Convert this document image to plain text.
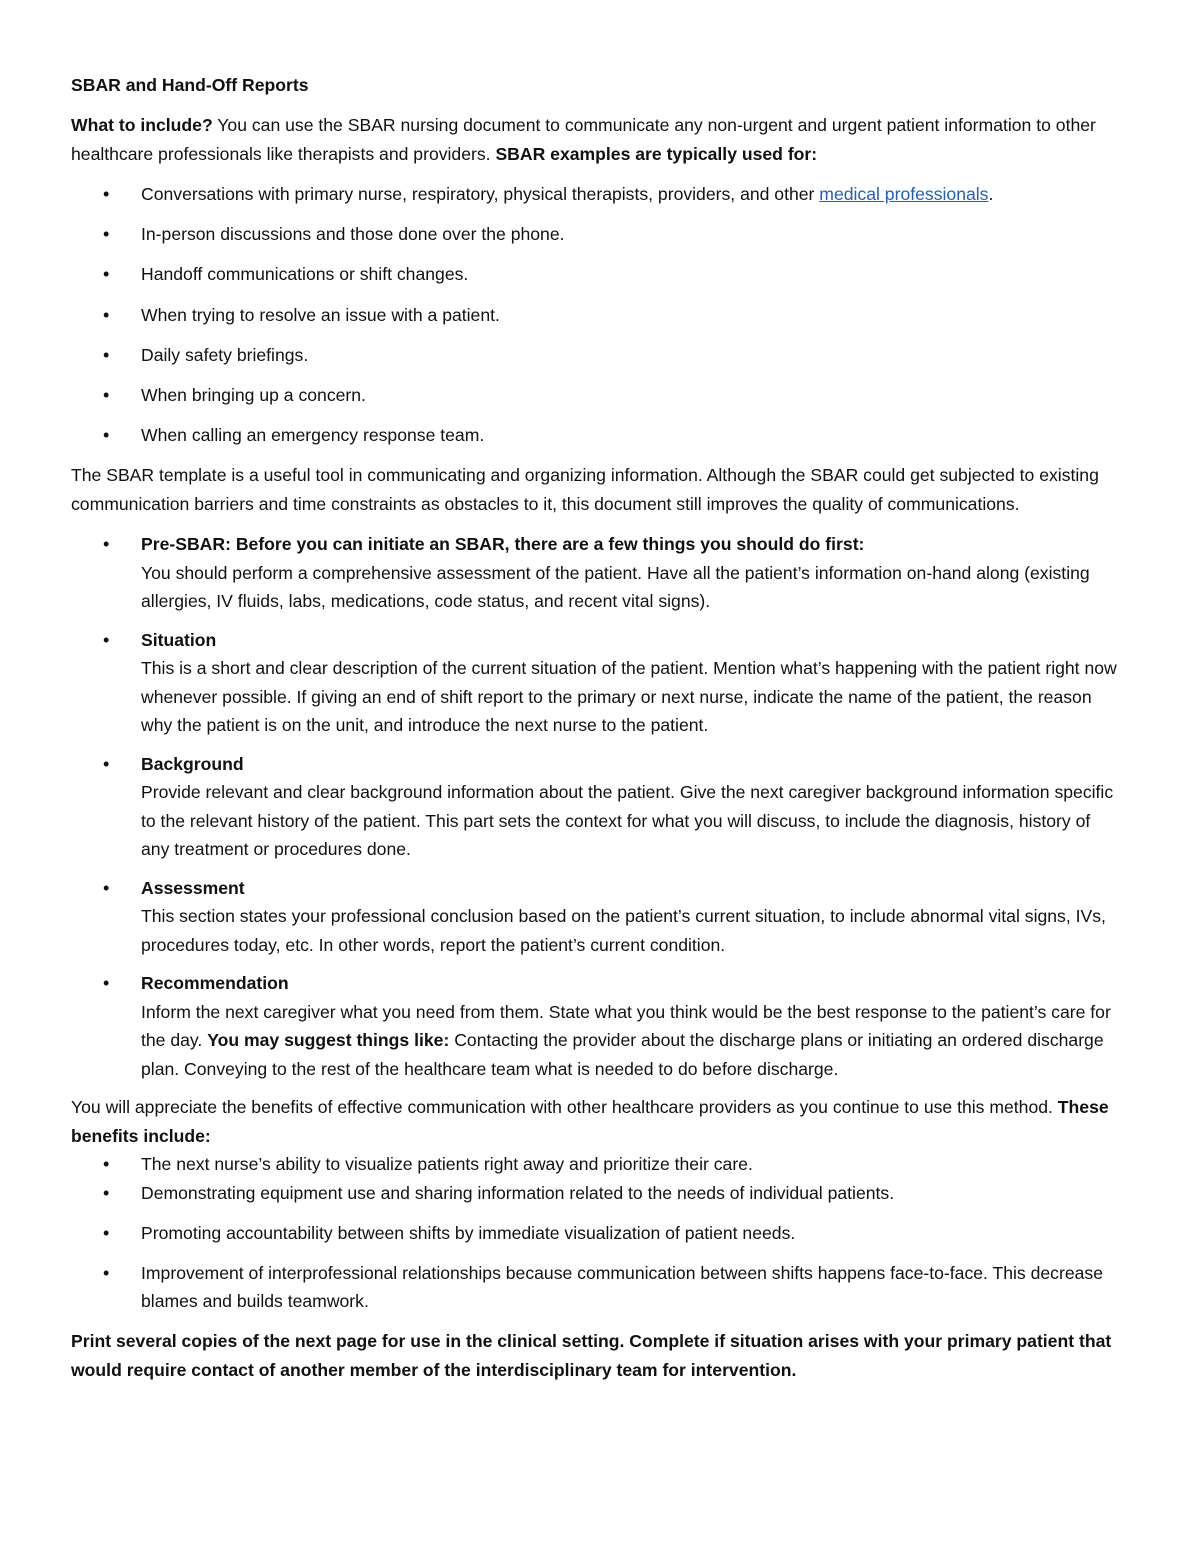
SBAR and Hand-Off Reports

What to include? You can use the SBAR nursing document to communicate any non-urgent and urgent patient information to other healthcare professionals like therapists and providers. SBAR examples are typically used for:

• Conversations with primary nurse, respiratory, physical therapists, providers, and other medical professionals.
• In-person discussions and those done over the phone.
• Handoff communications or shift changes.
• When trying to resolve an issue with a patient.
• Daily safety briefings.
• When bringing up a concern.
• When calling an emergency response team.

The SBAR template is a useful tool in communicating and organizing information. Although the SBAR could get subjected to existing communication barriers and time constraints as obstacles to it, this document still improves the quality of communications.

• Pre-SBAR: Before you can initiate an SBAR, there are a few things you should do first:
You should perform a comprehensive assessment of the patient. Have all the patient’s information on-hand along (existing allergies, IV fluids, labs, medications, code status, and recent vital signs).
• Situation
This is a short and clear description of the current situation of the patient. Mention what’s happening with the patient right now whenever possible. If giving an end of shift report to the primary or next nurse, indicate the name of the patient, the reason why the patient is on the unit, and introduce the next nurse to the patient.
• Background
Provide relevant and clear background information about the patient. Give the next caregiver background information specific to the relevant history of the patient. This part sets the context for what you will discuss, to include the diagnosis, history of any treatment or procedures done.
• Assessment
This section states your professional conclusion based on the patient’s current situation, to include abnormal vital signs, IVs, procedures today, etc. In other words, report the patient’s current condition.
• Recommendation
Inform the next caregiver what you need from them. State what you think would be the best response to the patient’s care for the day. You may suggest things like: Contacting the provider about the discharge plans or initiating an ordered discharge plan. Conveying to the rest of the healthcare team what is needed to do before discharge.

You will appreciate the benefits of effective communication with other healthcare providers as you continue to use this method. These benefits include:

• The next nurse’s ability to visualize patients right away and prioritize their care.
• Demonstrating equipment use and sharing information related to the needs of individual patients.
• Promoting accountability between shifts by immediate visualization of patient needs.
• Improvement of interprofessional relationships because communication between shifts happens face-to-face. This decrease blames and builds teamwork.

Print several copies of the next page for use in the clinical setting. Complete if situation arises with your primary patient that would require contact of another member of the interdisciplinary team for intervention.
